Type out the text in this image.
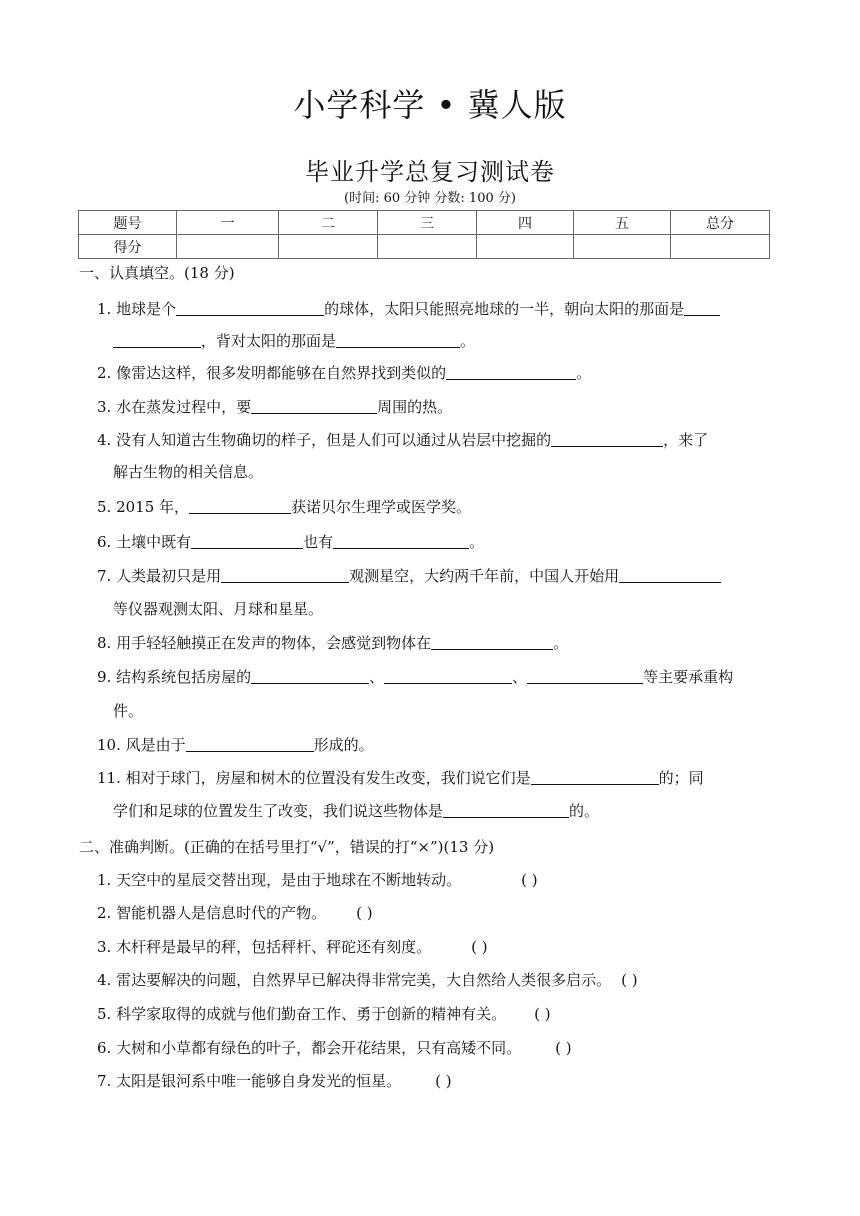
小学科学 • 冀人版
毕业升学总复习测试卷
(时间: 60 分钟 分数: 100 分)
题号	一	二	三	四	五	总分
得分						
一、认真填空。(18 分)
1. 地球是个	的球体，太阳只能照亮地球的一半，朝向太阳的那面是
，背对太阳的那面是	。
2. 像雷达这样，很多发明都能够在自然界找到类似的	。
3. 水在蒸发过程中，要	周围的热。
4. 没有人知道古生物确切的样子，但是人们可以通过从岩层中挖掘的	，来了
解古生物的相关信息。
5. 2015 年，	获诺贝尔生理学或医学奖。
6. 土壤中既有	也有	。
7. 人类最初只是用	观测星空，大约两千年前，中国人开始用
等仪器观测太阳、月球和星星。
8. 用手轻轻触摸正在发声的物体，会感觉到物体在	。
9. 结构系统包括房屋的	、	、	等主要承重构
件。
10. 风是由于	形成的。
11. 相对于球门，房屋和树木的位置没有发生改变，我们说它们是	的；同
学们和足球的位置发生了改变，我们说这些物体是	的。
二、准确判断。(正确的在括号里打“√”，错误的打“×”)(13 分)
1. 天空中的星辰交替出现，是由于地球在不断地转动。	( )
2. 智能机器人是信息时代的产物。 ( )
3. 木杆秤是最早的秤，包括秤杆、秤砣还有刻度。	( )
4. 雷达要解决的问题，自然界早已解决得非常完美，大自然给人类很多启示。 ( )
5. 科学家取得的成就与他们勤奋工作、勇于创新的精神有关。 ( )
6. 大树和小草都有绿色的叶子，都会开花结果，只有高矮不同。 ( )
7. 太阳是银河系中唯一能够自身发光的恒星。 ( )
